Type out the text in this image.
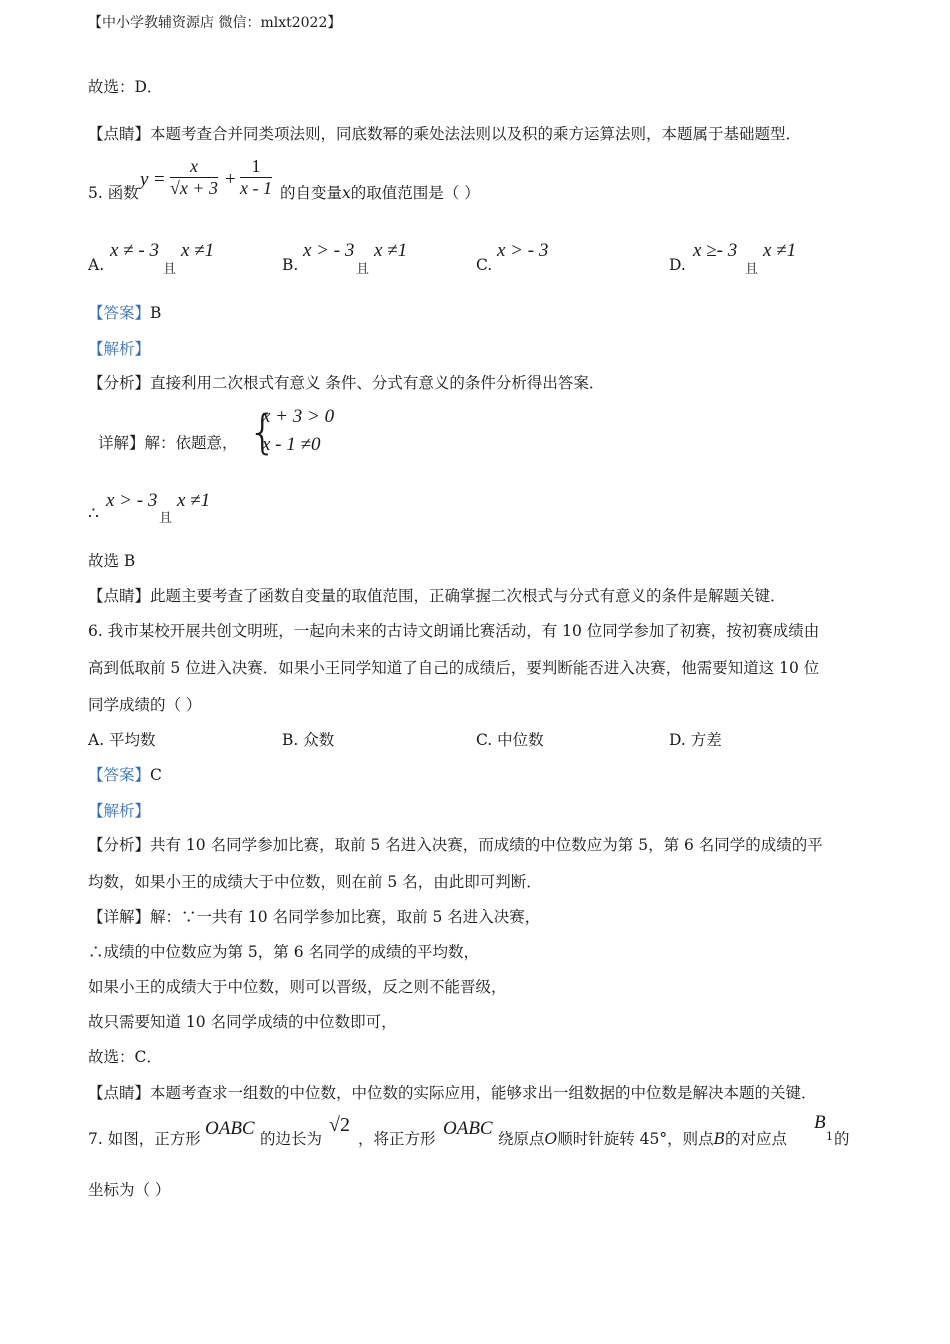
【中小学教辅资源店 微信：mlxt2022】
故选：D．
【点睛】本题考查合并同类项法则，同底数幂的乘处法法则以及积的乘方运算法则，本题属于基础题型．
5. 函数
y =
x
√x + 3 +
1
x - 1 的自变量x的取值范围是（ ）
A.
x ≠ - 3
且
x ≠1
B.
x > - 3
且
x ≠1
C.
x > - 3
D.
x ≥- 3
且
x ≠1
【答案】B
【解析】
【分析】直接利用二次根式有意义 条件、分式有意义的条件分析得出答案．
详解】解：依题意， {
x + 3 > 0
x - 1 ≠0
∴
x > - 3
且
x ≠1
故选 B
【点睛】此题主要考查了函数自变量的取值范围，正确掌握二次根式与分式有意义的条件是解题关键．
6. 我市某校开展共创文明班，一起向未来的古诗文朗诵比赛活动，有 10 位同学参加了初赛，按初赛成绩由
高到低取前 5 位进入决赛．如果小王同学知道了自己的成绩后，要判断能否进入决赛，他需要知道这 10 位
同学成绩的（ ）
A. 平均数	B. 众数	C. 中位数	D. 方差
【答案】C
【解析】
【分析】共有 10 名同学参加比赛，取前 5 名进入决赛，而成绩的中位数应为第 5，第 6 名同学的成绩的平
均数，如果小王的成绩大于中位数，则在前 5 名，由此即可判断．
【详解】解：∵一共有 10 名同学参加比赛，取前 5 名进入决赛，
∴成绩的中位数应为第 5，第 6 名同学的成绩的平均数，
如果小王的成绩大于中位数，则可以晋级，反之则不能晋级，
故只需要知道 10 名同学成绩的中位数即可，
故选：C．
【点睛】本题考查求一组数的中位数，中位数的实际应用，能够求出一组数据的中位数是解决本题的关键．
7. 如图，正方形 OABC 的边长为
√2
，将正方形 OABC 绕原点O顺时针旋转 45°，则点B的对应点
B
1 的
坐标为（ ）
